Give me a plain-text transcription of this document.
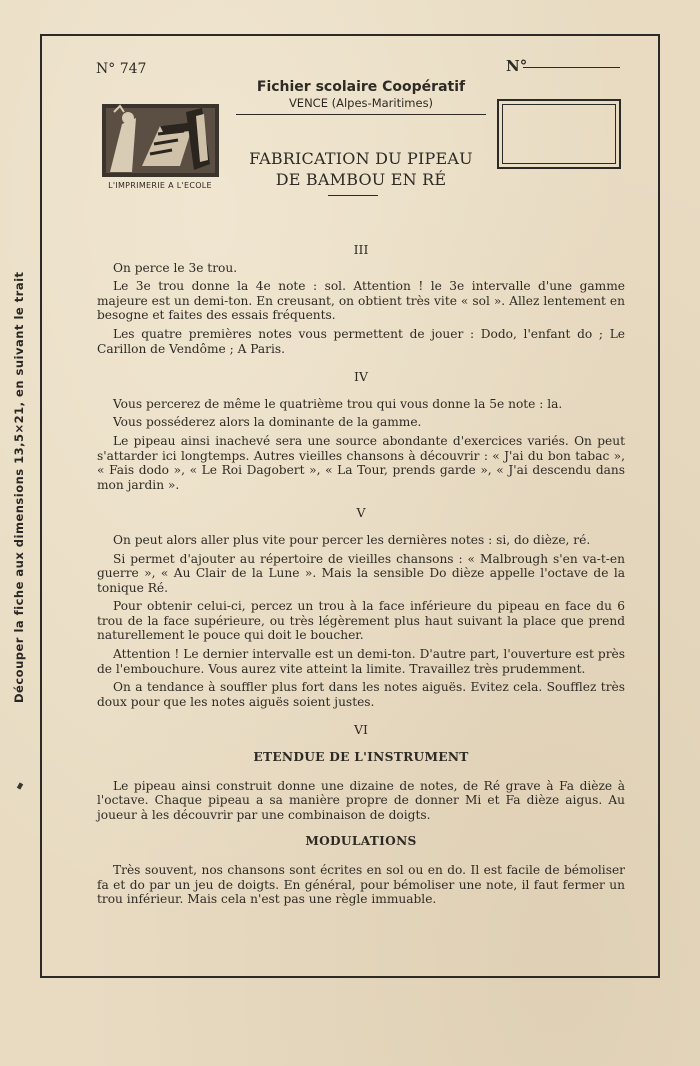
Découper la fiche aux dimensions 13,5×21, en suivant le trait
N° 747	N°
Fichier scolaire Coopératif
VENCE (Alpes-Maritimes)
L'IMPRIMERIE A L'ECOLE
FABRICATION DU PIPEAU
DE BAMBOU EN RÉ
III

On perce le 3e trou.

Le 3e trou donne la 4e note : sol. Attention ! le 3e intervalle d'une gamme majeure est un demi-ton. En creusant, on obtient très vite « sol ». Allez lentement en besogne et faites des essais fréquents.

Les quatre premières notes vous permettent de jouer : Dodo, l'enfant do ; Le Carillon de Vendôme ; A Paris.

IV

Vous percerez de même le quatrième trou qui vous donne la 5e note : la.

Vous posséderez alors la dominante de la gamme.

Le pipeau ainsi inachevé sera une source abondante d'exercices variés. On peut s'attarder ici longtemps. Autres vieilles chansons à découvrir : « J'ai du bon tabac », « Fais dodo », « Le Roi Dagobert », « La Tour, prends garde », « J'ai descendu dans mon jardin ».

V

On peut alors aller plus vite pour percer les dernières notes : si, do dièze, ré.

Si permet d'ajouter au répertoire de vieilles chansons : « Malbrough s'en va-t-en guerre », « Au Clair de la Lune ». Mais la sensible Do dièze appelle l'octave de la tonique Ré.

Pour obtenir celui-ci, percez un trou à la face inférieure du pipeau en face du 6 trou de la face supérieure, ou très légèrement plus haut suivant la place que prend naturellement le pouce qui doit le boucher.

Attention ! Le dernier intervalle est un demi-ton. D'autre part, l'ouverture est près de l'embouchure. Vous aurez vite atteint la limite. Travaillez très prudemment.

On a tendance à souffler plus fort dans les notes aiguës. Evitez cela. Soufflez très doux pour que les notes aiguës soient justes.

VI
ETENDUE DE L'INSTRUMENT

Le pipeau ainsi construit donne une dizaine de notes, de Ré grave à Fa dièze à l'octave. Chaque pipeau a sa manière propre de donner Mi et Fa dièze aigus. Au joueur à les découvrir par une combinaison de doigts.

MODULATIONS

Très souvent, nos chansons sont écrites en sol ou en do. Il est facile de bémoliser fa et do par un jeu de doigts. En général, pour bémoliser une note, il faut fermer un trou inférieur. Mais cela n'est pas une règle immuable.
